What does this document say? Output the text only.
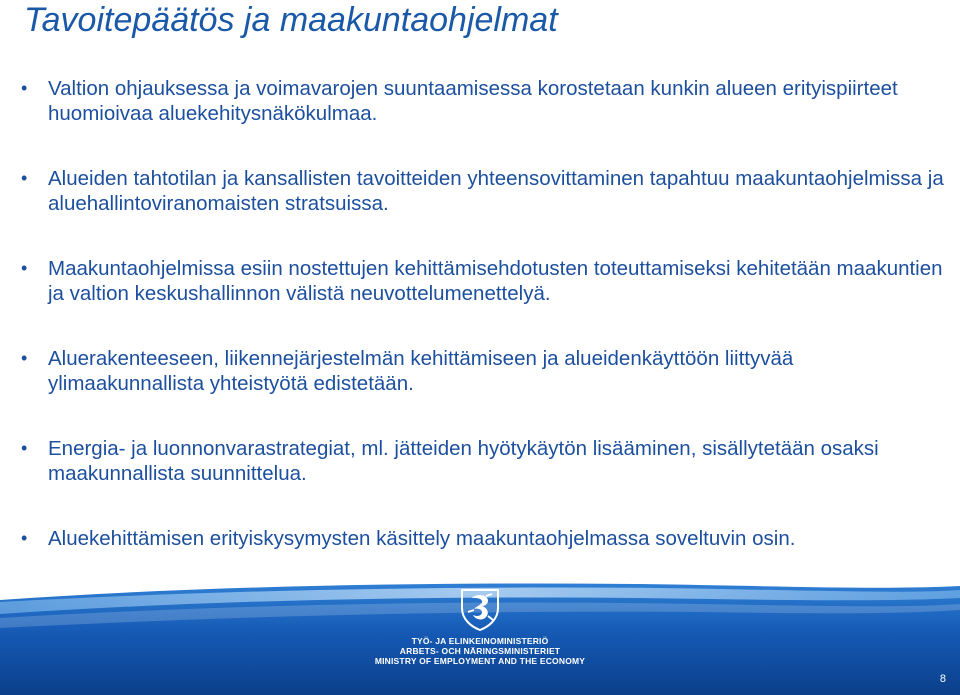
Tavoitepäätös ja maakuntaohjelmat
• Valtion ohjauksessa ja voimavarojen suuntaamisessa korostetaan kunkin alueen erityispiirteet huomioivaa aluekehitysnäkökulmaa.
• Alueiden tahtotilan ja kansallisten tavoitteiden yhteensovittaminen tapahtuu maakuntaohjelmissa ja aluehallintoviranomaisten stratsuissa.
• Maakuntaohjelmissa esiin nostettujen kehittämisehdotusten toteuttamiseksi kehitetään maakuntien ja valtion keskushallinnon välistä neuvottelumenettelyä.
• Aluerakenteeseen, liikennejärjestelmän kehittämiseen ja alueidenkäyttöön liittyvää ylimaakunnallista yhteistyötä edistetään.
• Energia- ja luonnonvarastrategiat, ml. jätteiden hyötykäytön lisääminen, sisällytetään osaksi maakunnallista suunnittelua.
• Aluekehittämisen erityiskysymysten käsittely maakuntaohjelmassa soveltuvin osin.
TYÖ- JA ELINKEINOMINISTERIÖ
ARBETS- OCH NÄRINGSMINISTERIET
MINISTRY OF EMPLOYMENT AND THE ECONOMY
8
